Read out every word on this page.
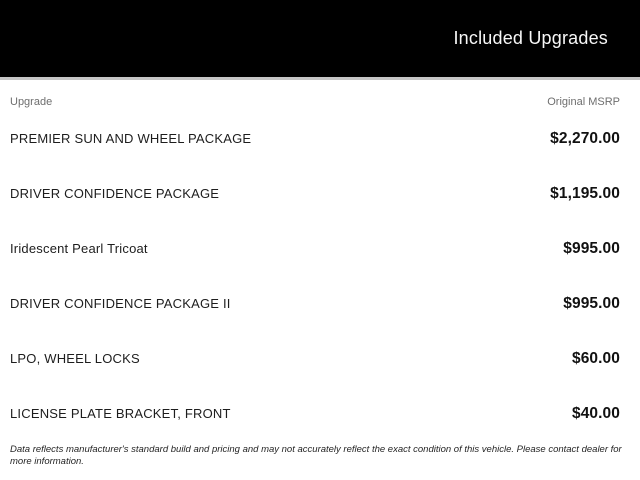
Included Upgrades
Upgrade	Original MSRP
PREMIER SUN AND WHEEL PACKAGE	$2,270.00
DRIVER CONFIDENCE PACKAGE	$1,195.00
Iridescent Pearl Tricoat	$995.00
DRIVER CONFIDENCE PACKAGE II	$995.00
LPO, WHEEL LOCKS	$60.00
LICENSE PLATE BRACKET, FRONT	$40.00
Data reflects manufacturer's standard build and pricing and may not accurately reflect the exact condition of this vehicle. Please contact dealer for more information.
